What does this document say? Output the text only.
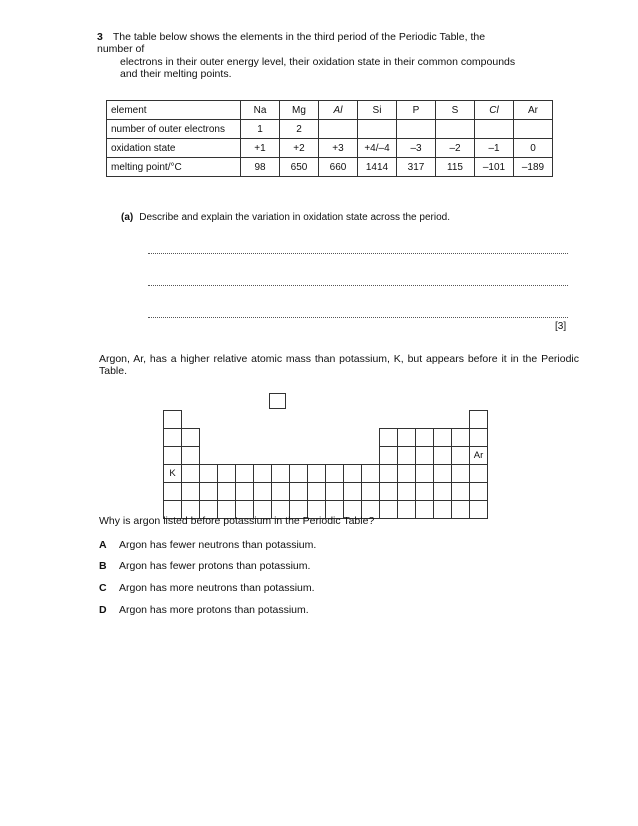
3 The table below shows the elements in the third period of the Periodic Table, the
number of
electrons in their outer energy level, their oxidation state in their common compounds
and their melting points.
element	Na	Mg	Al	Si	P	S	Cl	Ar
number of outer electrons	1	2						
oxidation state	+1	+2	+3	+4/–4	–3	–2	–1	0
melting point/°C	98	650	660	1414	317	115	–101	–189
(a) Describe and explain the variation in oxidation state across the period.
[3]
Argon, Ar, has a higher relative atomic mass than potassium, K, but appears before it in the Periodic Table.
Ar
K
Why is argon listed before potassium in the Periodic Table?
A Argon has fewer neutrons than potassium.
B Argon has fewer protons than potassium.
C Argon has more neutrons than potassium.
D Argon has more protons than potassium.
